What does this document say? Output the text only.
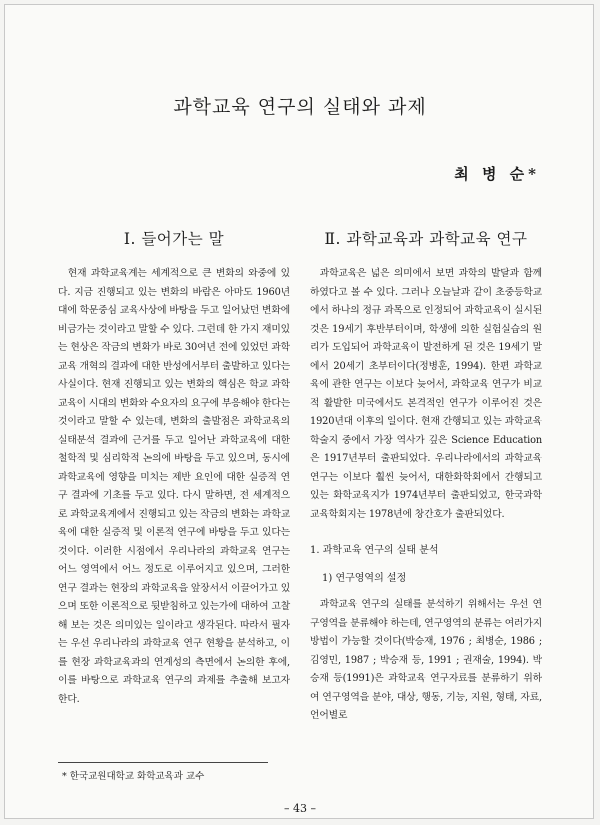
과학교육 연구의 실태와 과제
최 병 순*
Ⅰ. 들어가는 말

현재 과학교육계는 세계적으로 큰 변화의 와중에 있다. 지금 진행되고 있는 변화의 바람은 아마도 1960년대에 학문중심 교육사상에 바탕을 두고 일어났던 변화에 비금가는 것이라고 말할 수 있다. 그런데 한 가지 재미있는 현상은 작금의 변화가 바로 30여년 전에 있었던 과학교육 개혁의 결과에 대한 반성에서부터 출발하고 있다는 사실이다. 현재 진행되고 있는 변화의 핵심은 학교 과학교육이 시대의 변화와 수요자의 요구에 부응해야 한다는 것이라고 말할 수 있는데, 변화의 출발점은 과학교육의 실태분석 결과에 근거를 두고 일어난 과학교육에 대한 철학적 및 심리학적 논의에 바탕을 두고 있으며, 동시에 과학교육에 영향을 미치는 제반 요인에 대한 실증적 연구 결과에 기초를 두고 있다. 다시 말하면, 전 세계적으로 과학교육계에서 진행되고 있는 작금의 변화는 과학교육에 대한 실증적 및 이론적 연구에 바탕을 두고 있다는 것이다. 이러한 시점에서 우리나라의 과학교육 연구는 어느 영역에서 어느 정도로 이루어지고 있으며, 그러한 연구 결과는 현장의 과학교육을 앞장서서 이끌어가고 있으며 또한 이론적으로 뒷받침하고 있는가에 대하여 고찰해 보는 것은 의미있는 일이라고 생각된다. 따라서 필자는 우선 우리나라의 과학교육 연구 현황을 분석하고, 이를 현장 과학교육과의 연계성의 측면에서 논의한 후에, 이를 바탕으로 과학교육 연구의 과제를 추출해 보고자 한다.

Ⅱ. 과학교육과 과학교육 연구

과학교육은 넓은 의미에서 보면 과학의 발달과 함께 하였다고 볼 수 있다. 그러나 오늘날과 같이 초중등학교에서 하나의 정규 과목으로 인정되어 과학교육이 실시된 것은 19세기 후반부터이며, 학생에 의한 실험실습의 원리가 도입되어 과학교육이 발전하게 된 것은 19세기 말에서 20세기 초부터이다(정병훈, 1994). 한편 과학교육에 관한 연구는 이보다 늦어서, 과학교육 연구가 비교적 활발한 미국에서도 본격적인 연구가 이루어진 것은 1920년대 이후의 일이다. 현재 간행되고 있는 과학교육학술지 중에서 가장 역사가 깊은 Science Education은 1917년부터 출판되었다. 우리나라에서의 과학교육 연구는 이보다 훨씬 늦어서, 대한화학회에서 간행되고 있는 화학교육지가 1974년부터 출판되었고, 한국과학교육학회지는 1978년에 창간호가 출판되었다.

1. 과학교육 연구의 실태 분석
1) 연구영역의 설정

과학교육 연구의 실태를 분석하기 위해서는 우선 연구영역을 분류해야 하는데, 연구영역의 분류는 여러가지 방법이 가능할 것이다(박승재, 1976 ; 최병순, 1986 ; 김영민, 1987 ; 박승재 등, 1991 ; 권재술, 1994). 박승재 등(1991)은 과학교육 연구자료를 분류하기 위하여 연구영역을 분야, 대상, 행동, 기능, 지원, 형태, 자료, 언어별로

* 한국교원대학교 화학교육과 교수
– 43 –
